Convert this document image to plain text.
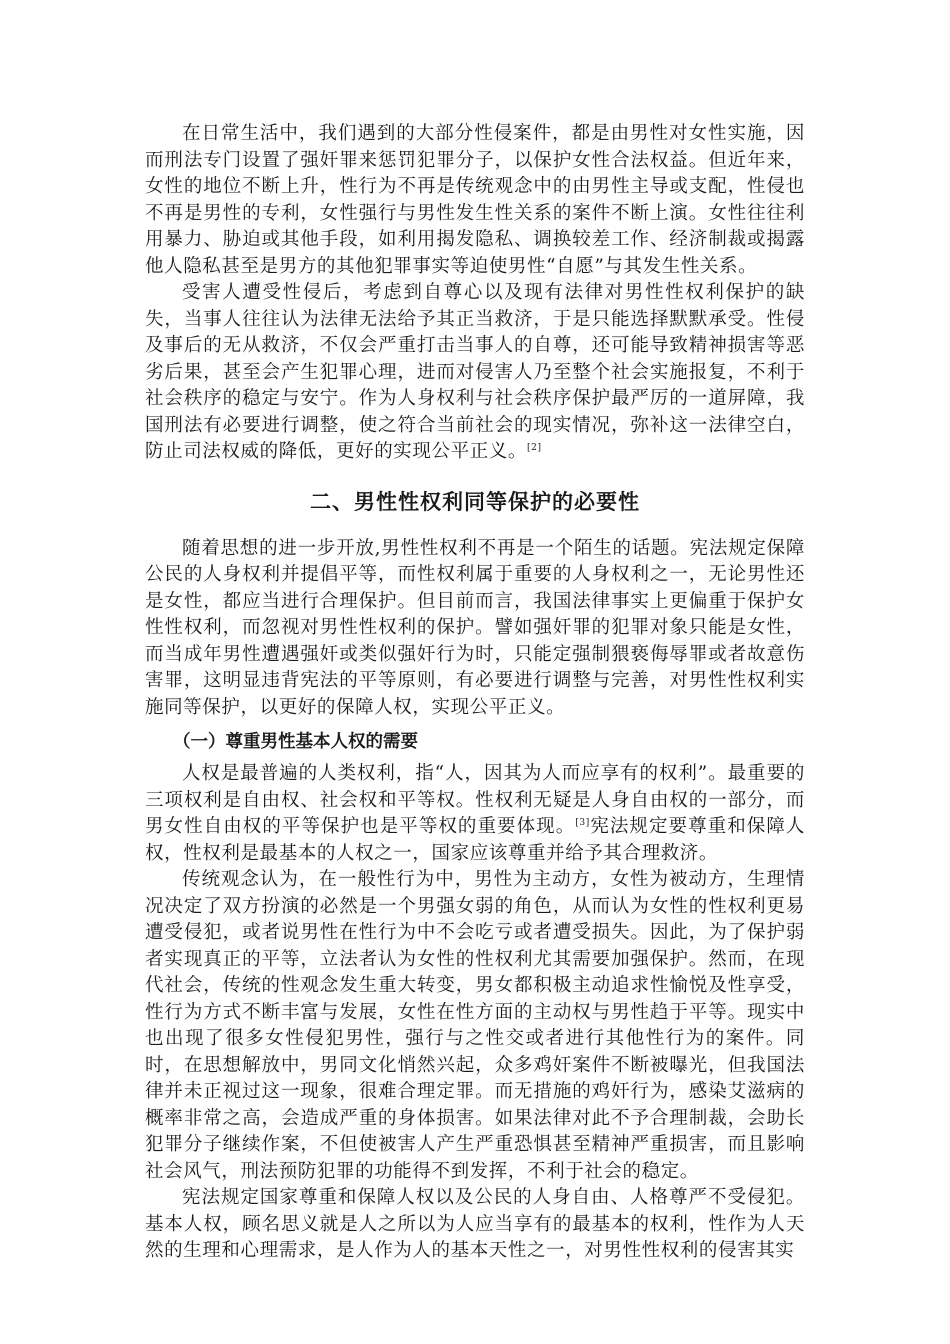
在日常生活中，我们遇到的大部分性侵案件，都是由男性对女性实施，因而刑法专门设置了强奸罪来惩罚犯罪分子，以保护女性合法权益。但近年来，女性的地位不断上升，性行为不再是传统观念中的由男性主导或支配，性侵也不再是男性的专利，女性强行与男性发生性关系的案件不断上演。女性往往利用暴力、胁迫或其他手段，如利用揭发隐私、调换较差工作、经济制裁或揭露他人隐私甚至是男方的其他犯罪事实等迫使男性“自愿”与其发生性关系。

受害人遭受性侵后，考虑到自尊心以及现有法律对男性性权利保护的缺失，当事人往往认为法律无法给予其正当救济，于是只能选择默默承受。性侵及事后的无从救济，不仅会严重打击当事人的自尊，还可能导致精神损害等恶劣后果，甚至会产生犯罪心理，进而对侵害人乃至整个社会实施报复，不利于社会秩序的稳定与安宁。作为人身权利与社会秩序保护最严厉的一道屏障，我国刑法有必要进行调整，使之符合当前社会的现实情况，弥补这一法律空白，防止司法权威的降低，更好的实现公平正义。[2]

二、男性性权利同等保护的必要性

随着思想的进一步开放,男性性权利不再是一个陌生的话题。宪法规定保障公民的人身权利并提倡平等，而性权利属于重要的人身权利之一，无论男性还是女性，都应当进行合理保护。但目前而言，我国法律事实上更偏重于保护女性性权利，而忽视对男性性权利的保护。譬如强奸罪的犯罪对象只能是女性，而当成年男性遭遇强奸或类似强奸行为时，只能定强制猥亵侮辱罪或者故意伤害罪，这明显违背宪法的平等原则，有必要进行调整与完善，对男性性权利实施同等保护，以更好的保障人权，实现公平正义。

（一）尊重男性基本人权的需要

人权是最普遍的人类权利，指“人，因其为人而应享有的权利”。最重要的三项权利是自由权、社会权和平等权。性权利无疑是人身自由权的一部分，而男女性自由权的平等保护也是平等权的重要体现。[3]宪法规定要尊重和保障人权，性权利是最基本的人权之一，国家应该尊重并给予其合理救济。

传统观念认为，在一般性行为中，男性为主动方，女性为被动方，生理情况决定了双方扮演的必然是一个男强女弱的角色，从而认为女性的性权利更易遭受侵犯，或者说男性在性行为中不会吃亏或者遭受损失。因此，为了保护弱者实现真正的平等，立法者认为女性的性权利尤其需要加强保护。然而，在现代社会，传统的性观念发生重大转变，男女都积极主动追求性愉悦及性享受，性行为方式不断丰富与发展，女性在性方面的主动权与男性趋于平等。现实中也出现了很多女性侵犯男性，强行与之性交或者进行其他性行为的案件。同时，在思想解放中，男同文化悄然兴起，众多鸡奸案件不断被曝光，但我国法律并未正视过这一现象，很难合理定罪。而无措施的鸡奸行为，感染艾滋病的概率非常之高，会造成严重的身体损害。如果法律对此不予合理制裁，会助长犯罪分子继续作案，不但使被害人产生严重恐惧甚至精神严重损害，而且影响社会风气，刑法预防犯罪的功能得不到发挥，不利于社会的稳定。

宪法规定国家尊重和保障人权以及公民的人身自由、人格尊严不受侵犯。基本人权，顾名思义就是人之所以为人应当享有的最基本的权利，性作为人天然的生理和心理需求，是人作为人的基本天性之一，对男性性权利的侵害其实
